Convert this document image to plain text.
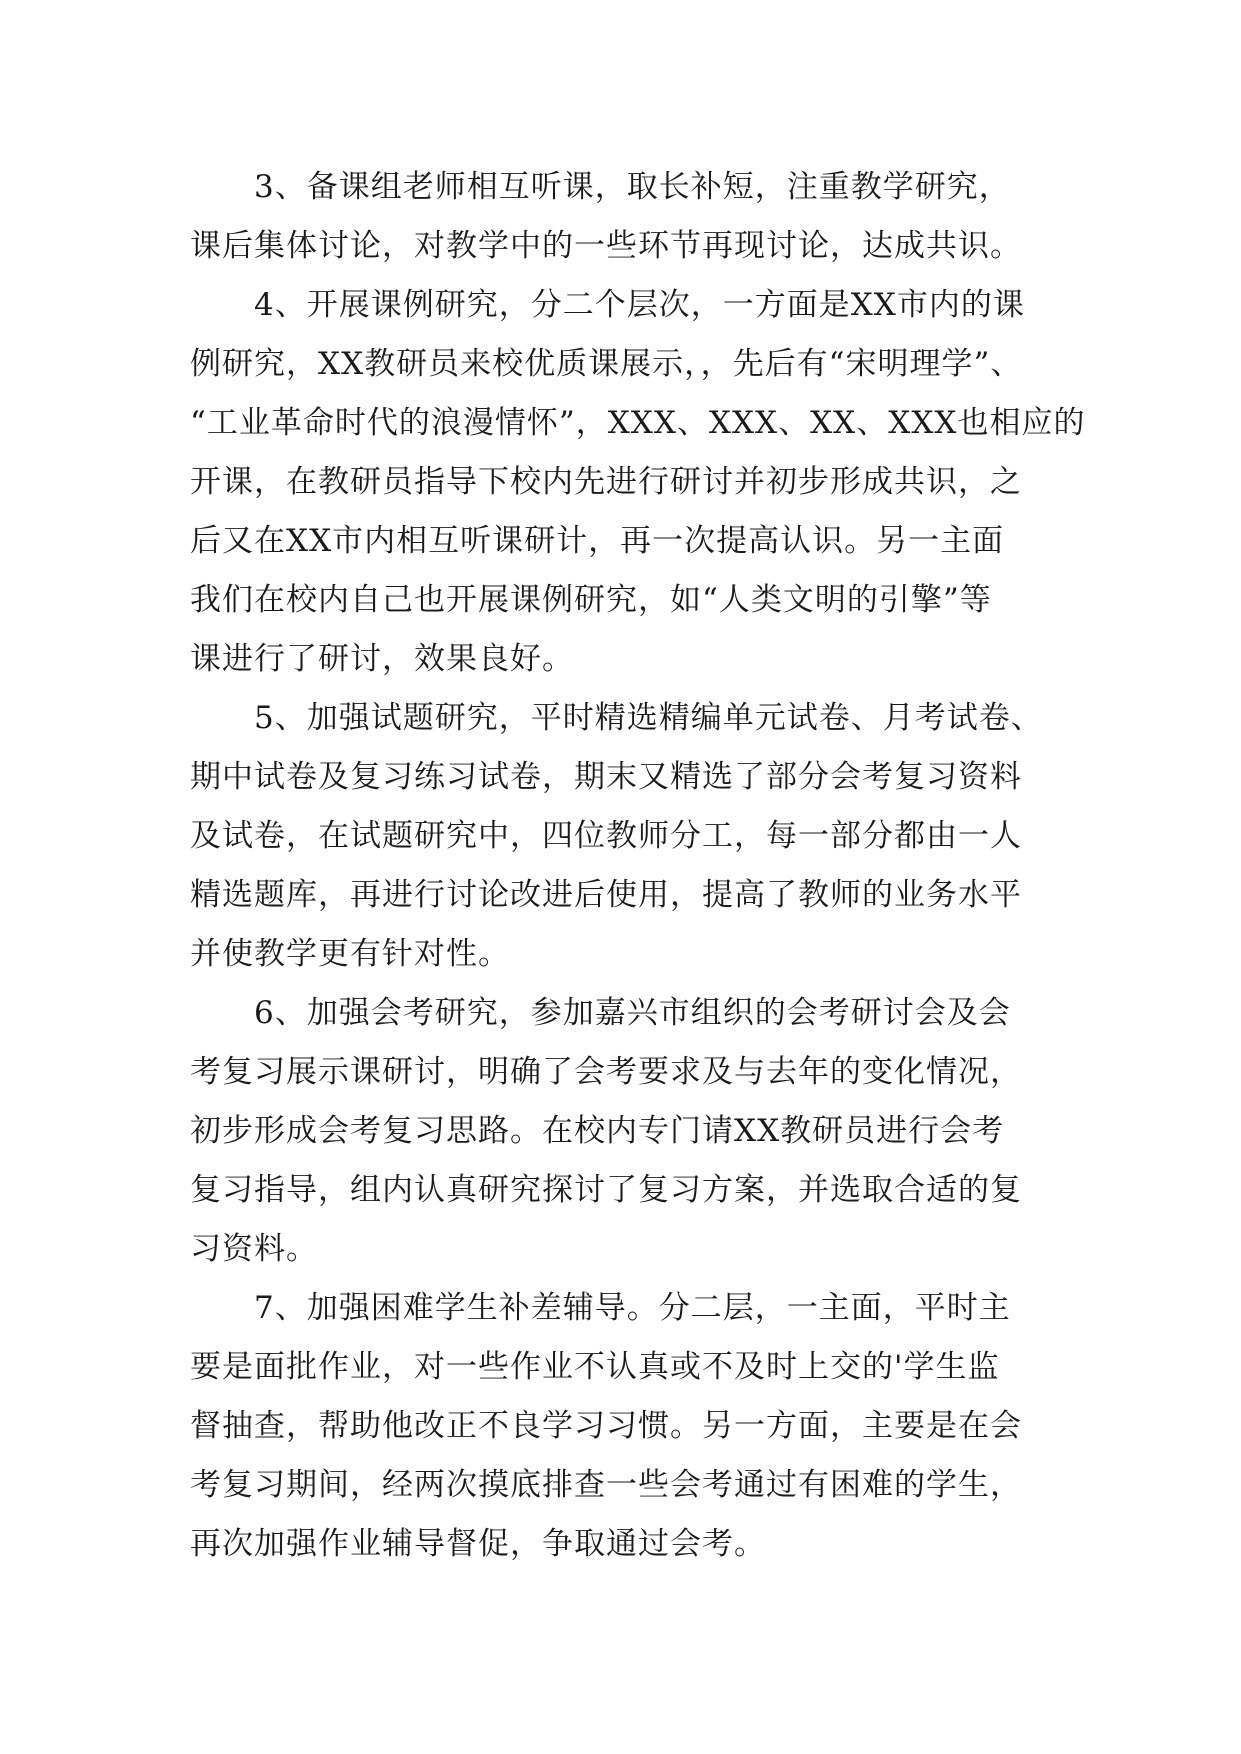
3、备课组老师相互听课，取长补短，注重教学研究，
课后集体讨论，对教学中的一些环节再现讨论，达成共识。
4、开展课例研究，分二个层次，一方面是XX市内的课
例研究，XX教研员来校优质课展示，，先后有“宋明理学”、
“工业革命时代的浪漫情怀”，XXX、XXX、XX、XXX也相应的
开课，在教研员指导下校内先进行研讨并初步形成共识，之
后又在XX市内相互听课研计，再一次提高认识。另一主面
我们在校内自己也开展课例研究，如“人类文明的引擎”等
课进行了研讨，效果良好。
5、加强试题研究，平时精选精编单元试卷、月考试卷、
期中试卷及复习练习试卷，期末又精选了部分会考复习资料
及试卷，在试题研究中，四位教师分工，每一部分都由一人
精选题库，再进行讨论改进后使用，提高了教师的业务水平
并使教学更有针对性。
6、加强会考研究，参加嘉兴市组织的会考研讨会及会
考复习展示课研讨，明确了会考要求及与去年的变化情况，
初步形成会考复习思路。在校内专门请XX教研员进行会考
复习指导，组内认真研究探讨了复习方案，并选取合适的复
习资料。
7、加强困难学生补差辅导。分二层，一主面，平时主
要是面批作业，对一些作业不认真或不及时上交的'学生监
督抽查，帮助他改正不良学习习惯。另一方面，主要是在会
考复习期间，经两次摸底排查一些会考通过有困难的学生，
再次加强作业辅导督促，争取通过会考。
